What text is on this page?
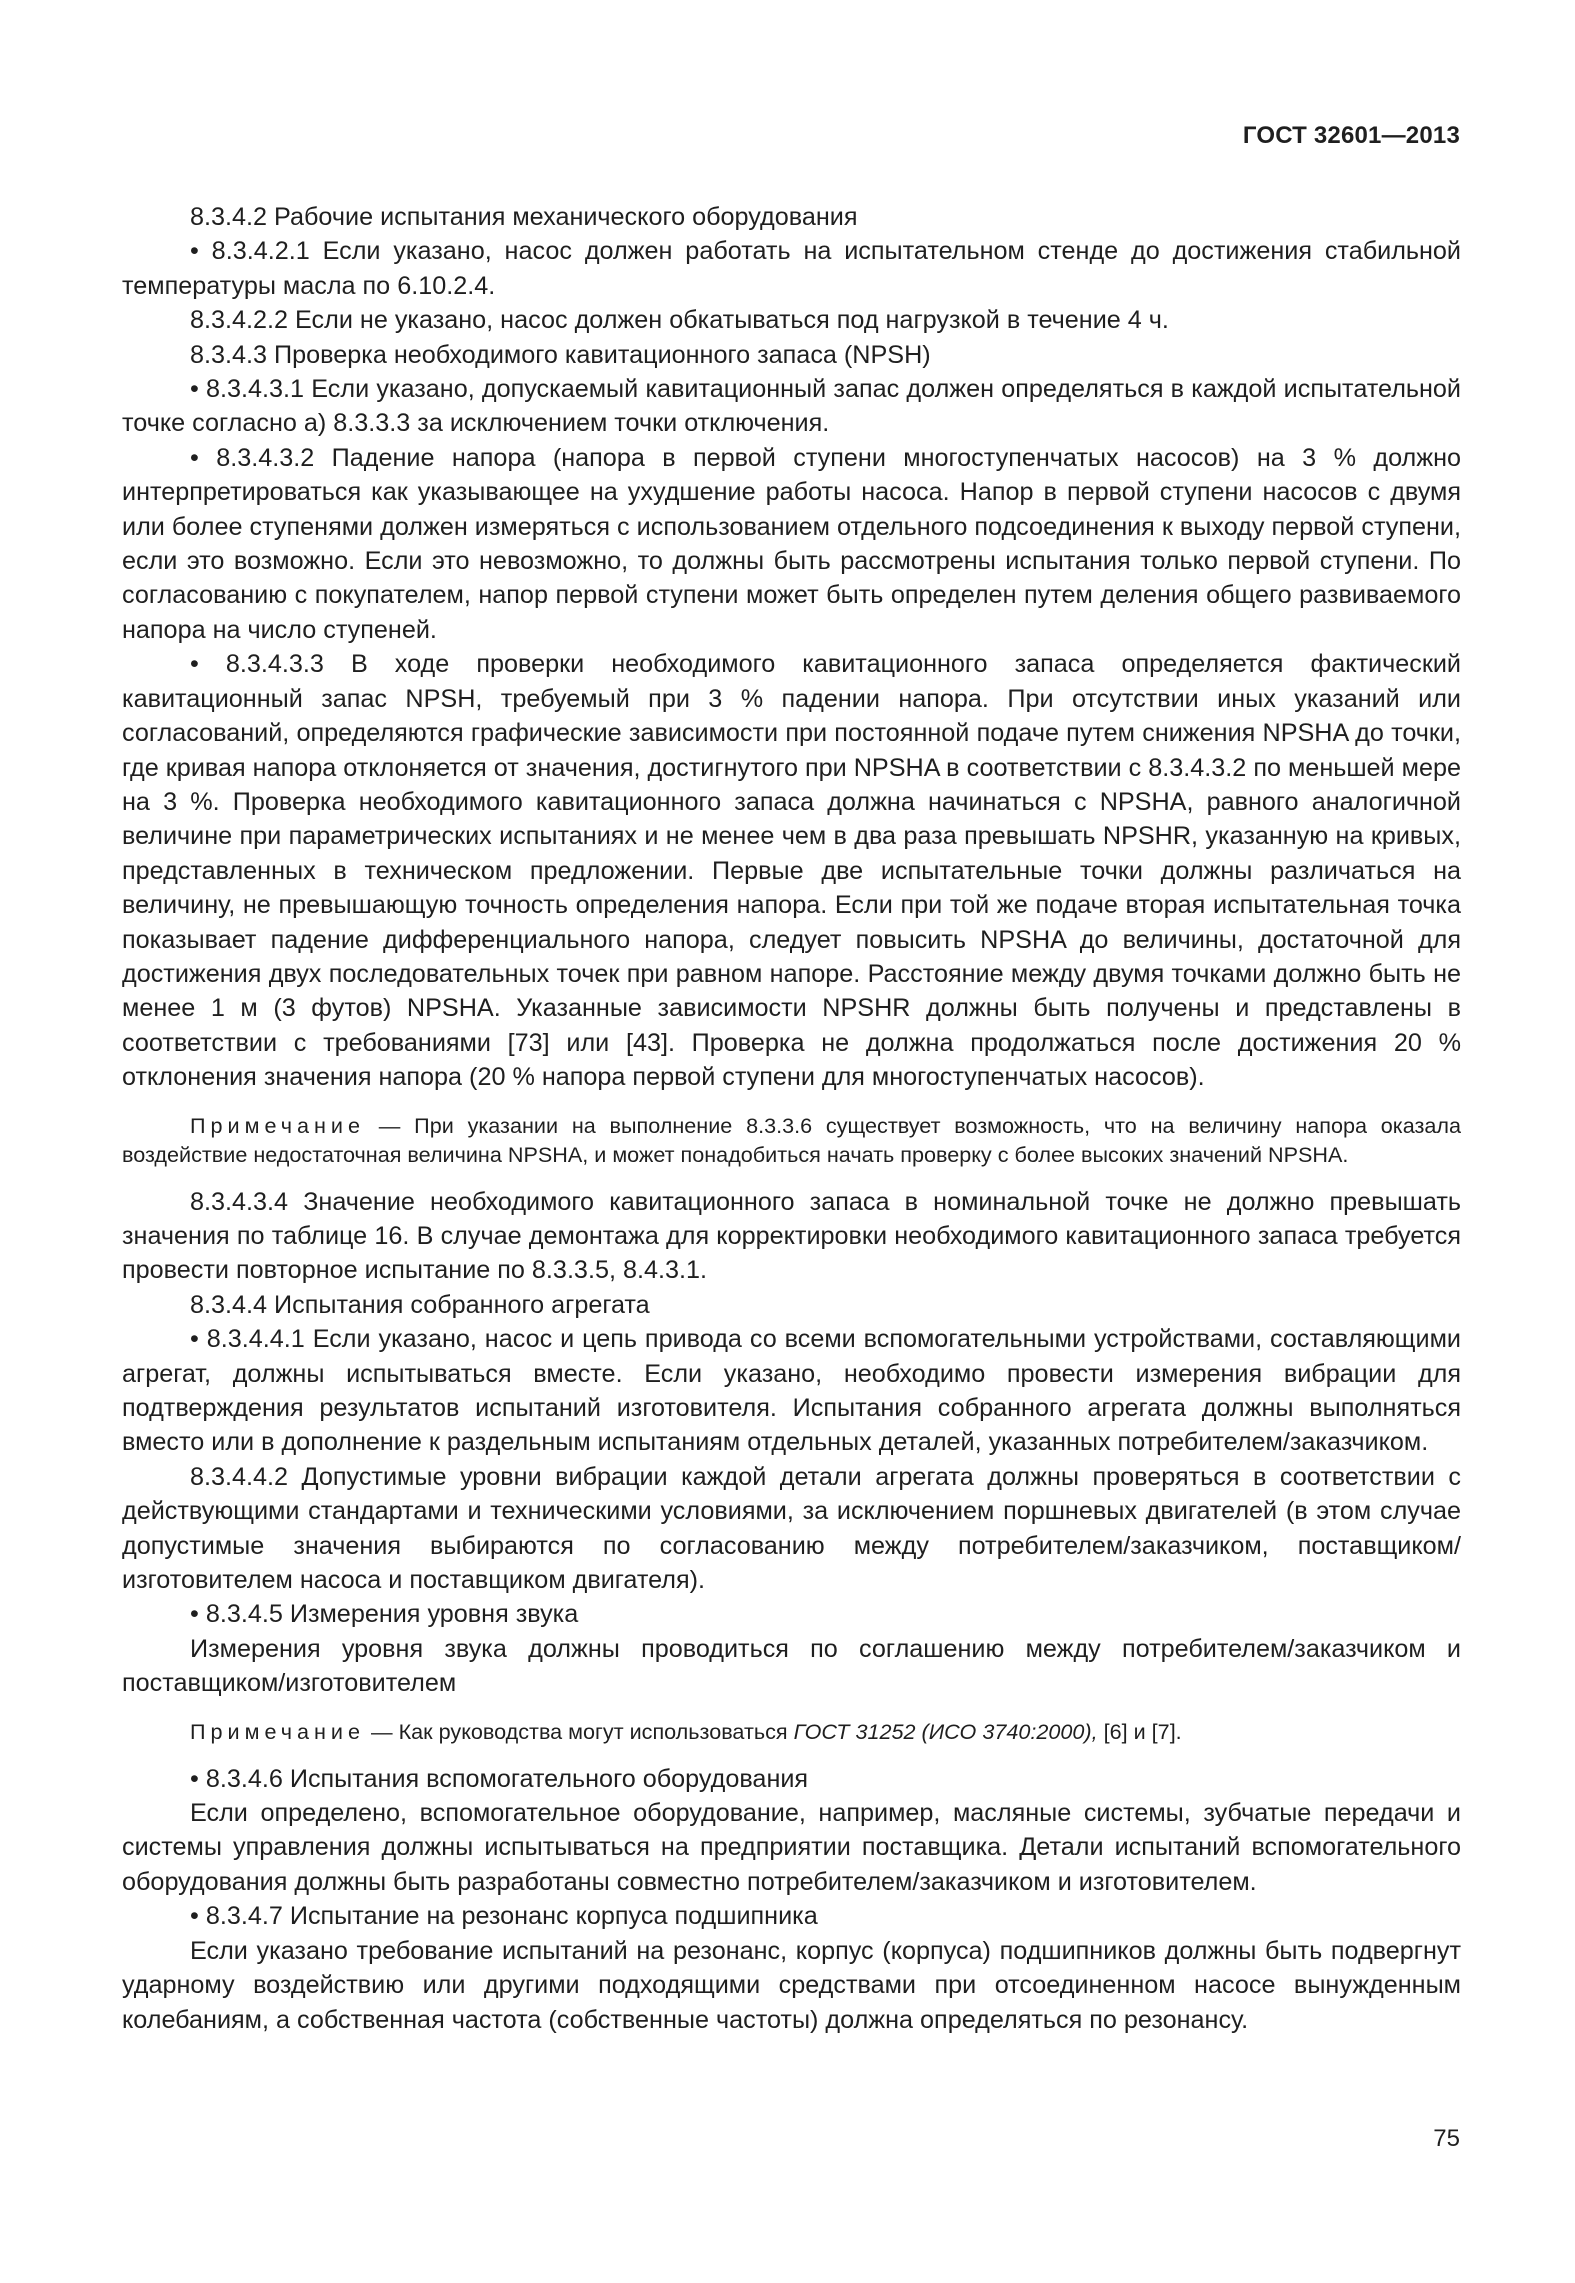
ГОСТ 32601—2013

8.3.4.2 Рабочие испытания механического оборудования

• 8.3.4.2.1 Если указано, насос должен работать на испытательном стенде до достижения стабильной температуры масла по 6.10.2.4.

8.3.4.2.2 Если не указано, насос должен обкатываться под нагрузкой в течение 4 ч.

8.3.4.3 Проверка необходимого кавитационного запаса (NPSH)

• 8.3.4.3.1 Если указано, допускаемый кавитационный запас должен определяться в каждой испытательной точке согласно а) 8.3.3.3 за исключением точки отключения.

• 8.3.4.3.2 Падение напора (напора в первой ступени многоступенчатых насосов) на 3 % должно интерпретироваться как указывающее на ухудшение работы насоса. Напор в первой ступени насосов с двумя или более ступенями должен измеряться с использованием отдельного подсоединения к выходу первой ступени, если это возможно. Если это невозможно, то должны быть рассмотрены испытания только первой ступени. По согласованию с покупателем, напор первой ступени может быть определен путем деления общего развиваемого напора на число ступеней.

• 8.3.4.3.3 В ходе проверки необходимого кавитационного запаса определяется фактический кавитационный запас NPSH, требуемый при 3 % падении напора. При отсутствии иных указаний или согласований, определяются графические зависимости при постоянной подаче путем снижения NPSHA до точки, где кривая напора отклоняется от значения, достигнутого при NPSHA в соответствии с 8.3.4.3.2 по меньшей мере на 3 %. Проверка необходимого кавитационного запаса должна начинаться с NPSHA, равного аналогичной величине при параметрических испытаниях и не менее чем в два раза превышать NPSHR, указанную на кривых, представленных в техническом предложении. Первые две испытательные точки должны различаться на величину, не превышающую точность определения напора. Если при той же подаче вторая испытательная точка показывает падение дифференциального напора, следует повысить NPSHA до величины, достаточной для достижения двух последовательных точек при равном напоре. Расстояние между двумя точками должно быть не менее 1 м (3 футов) NPSHA. Указанные зависимости NPSHR должны быть получены и представлены в соответствии с требованиями [73] или [43]. Проверка не должна продолжаться после достижения 20 % отклонения значения напора (20 % напора первой ступени для многоступенчатых насосов).

Примечание — При указании на выполнение 8.3.3.6 существует возможность, что на величину напора оказала воздействие недостаточная величина NPSHA, и может понадобиться начать проверку с более высоких значений NPSHA.

8.3.4.3.4 Значение необходимого кавитационного запаса в номинальной точке не должно превышать значения по таблице 16. В случае демонтажа для корректировки необходимого кавитационного запаса требуется провести повторное испытание по 8.3.3.5, 8.4.3.1.

8.3.4.4 Испытания собранного агрегата

• 8.3.4.4.1 Если указано, насос и цепь привода со всеми вспомогательными устройствами, составляющими агрегат, должны испытываться вместе. Если указано, необходимо провести измерения вибрации для подтверждения результатов испытаний изготовителя. Испытания собранного агрегата должны выполняться вместо или в дополнение к раздельным испытаниям отдельных деталей, указанных потребителем/заказчиком.

8.3.4.4.2 Допустимые уровни вибрации каждой детали агрегата должны проверяться в соответствии с действующими стандартами и техническими условиями, за исключением поршневых двигателей (в этом случае допустимые значения выбираются по согласованию между потребителем/заказчиком, поставщиком/изготовителем насоса и поставщиком двигателя).

• 8.3.4.5 Измерения уровня звука

Измерения уровня звука должны проводиться по соглашению между потребителем/заказчиком и поставщиком/изготовителем

Примечание — Как руководства могут использоваться ГОСТ 31252 (ИСО 3740:2000), [6] и [7].

• 8.3.4.6 Испытания вспомогательного оборудования

Если определено, вспомогательное оборудование, например, масляные системы, зубчатые передачи и системы управления должны испытываться на предприятии поставщика. Детали испытаний вспомогательного оборудования должны быть разработаны совместно потребителем/заказчиком и изготовителем.

• 8.3.4.7 Испытание на резонанс корпуса подшипника

Если указано требование испытаний на резонанс, корпус (корпуса) подшипников должны быть подвергнут ударному воздействию или другими подходящими средствами при отсоединенном насосе вынужденным колебаниям, а собственная частота (собственные частоты) должна определяться по резонансу.

75
